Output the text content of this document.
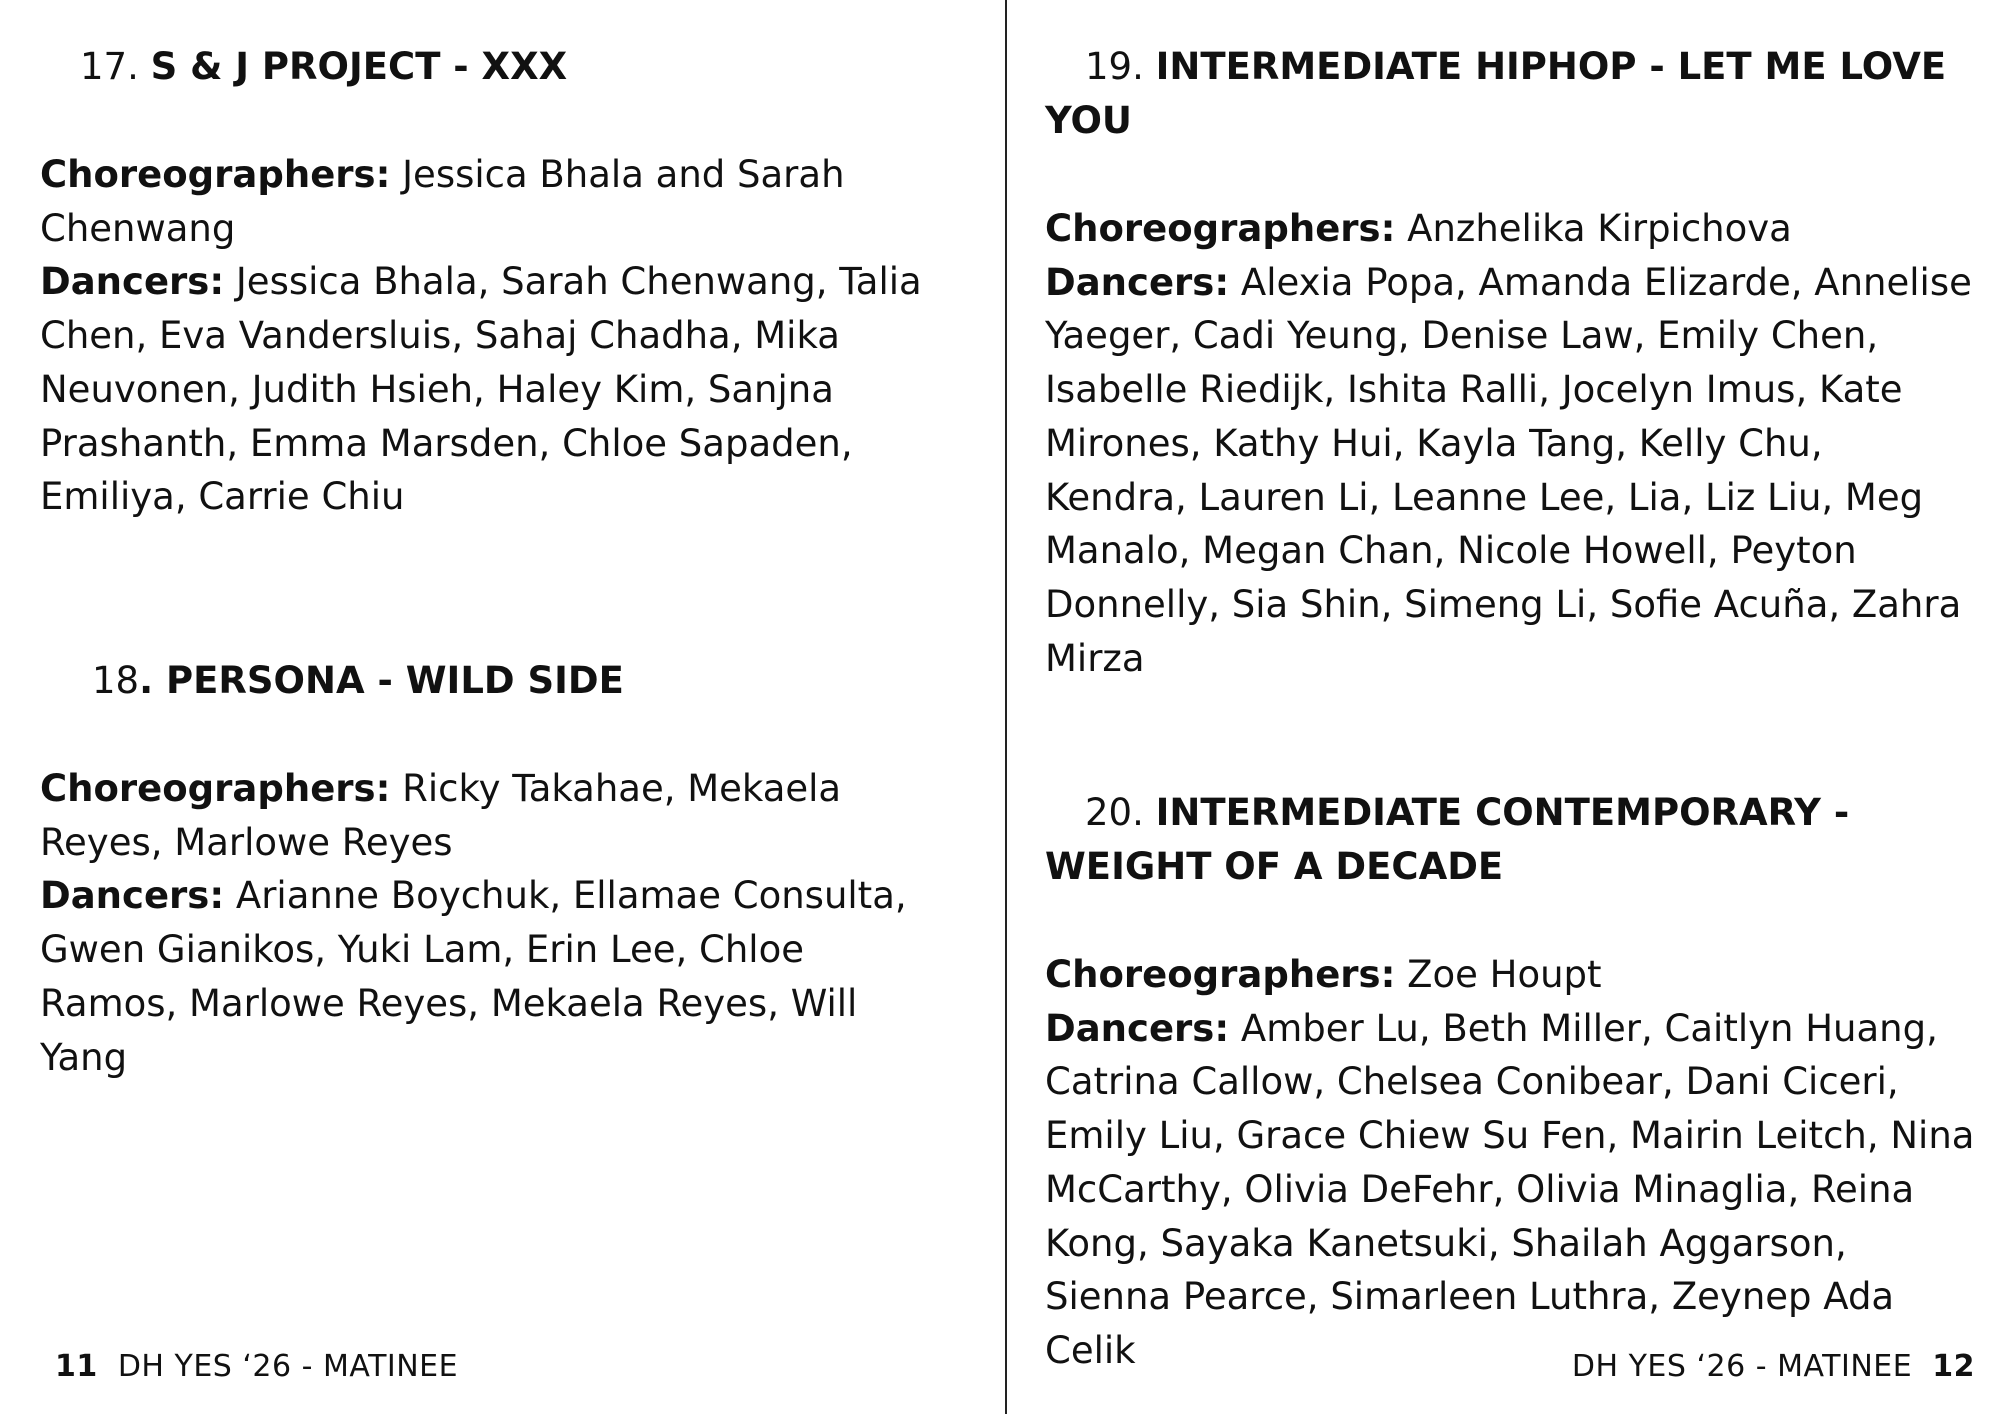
17. S & J PROJECT - XXX

Choreographers: Jessica Bhala and Sarah Chenwang

Dancers: Jessica Bhala, Sarah Chenwang, Talia Chen, Eva Vandersluis, Sahaj Chadha, Mika Neuvonen, Judith Hsieh, Haley Kim, Sanjna Prashanth, Emma Marsden, Chloe Sapaden, Emiliya, Carrie Chiu

18. PERSONA - WILD SIDE

Choreographers: Ricky Takahae, Mekaela Reyes, Marlowe Reyes

Dancers: Arianne Boychuk, Ellamae Consulta, Gwen Gianikos, Yuki Lam, Erin Lee, Chloe Ramos, Marlowe Reyes, Mekaela Reyes, Will Yang

11 DH YES ‘26 - MATINEE
19. INTERMEDIATE HIPHOP - LET ME LOVE YOU

Choreographers: Anzhelika Kirpichova

Dancers: Alexia Popa, Amanda Elizarde, Annelise Yaeger, Cadi Yeung, Denise Law, Emily Chen, Isabelle Riedijk, Ishita Ralli, Jocelyn Imus, Kate Mirones, Kathy Hui, Kayla Tang, Kelly Chu, Kendra, Lauren Li, Leanne Lee, Lia, Liz Liu, Meg Manalo, Megan Chan, Nicole Howell, Peyton Donnelly, Sia Shin, Simeng Li, Sofie Acuña, Zahra Mirza

20. INTERMEDIATE CONTEMPORARY - WEIGHT OF A DECADE

Choreographers: Zoe Houpt

Dancers: Amber Lu, Beth Miller, Caitlyn Huang, Catrina Callow, Chelsea Conibear, Dani Ciceri, Emily Liu, Grace Chiew Su Fen, Mairin Leitch, Nina McCarthy, Olivia DeFehr, Olivia Minaglia, Reina Kong, Sayaka Kanetsuki, Shailah Aggarson, Sienna Pearce, Simarleen Luthra, Zeynep Ada Celik	DH YES ‘26 - MATINEE 12
